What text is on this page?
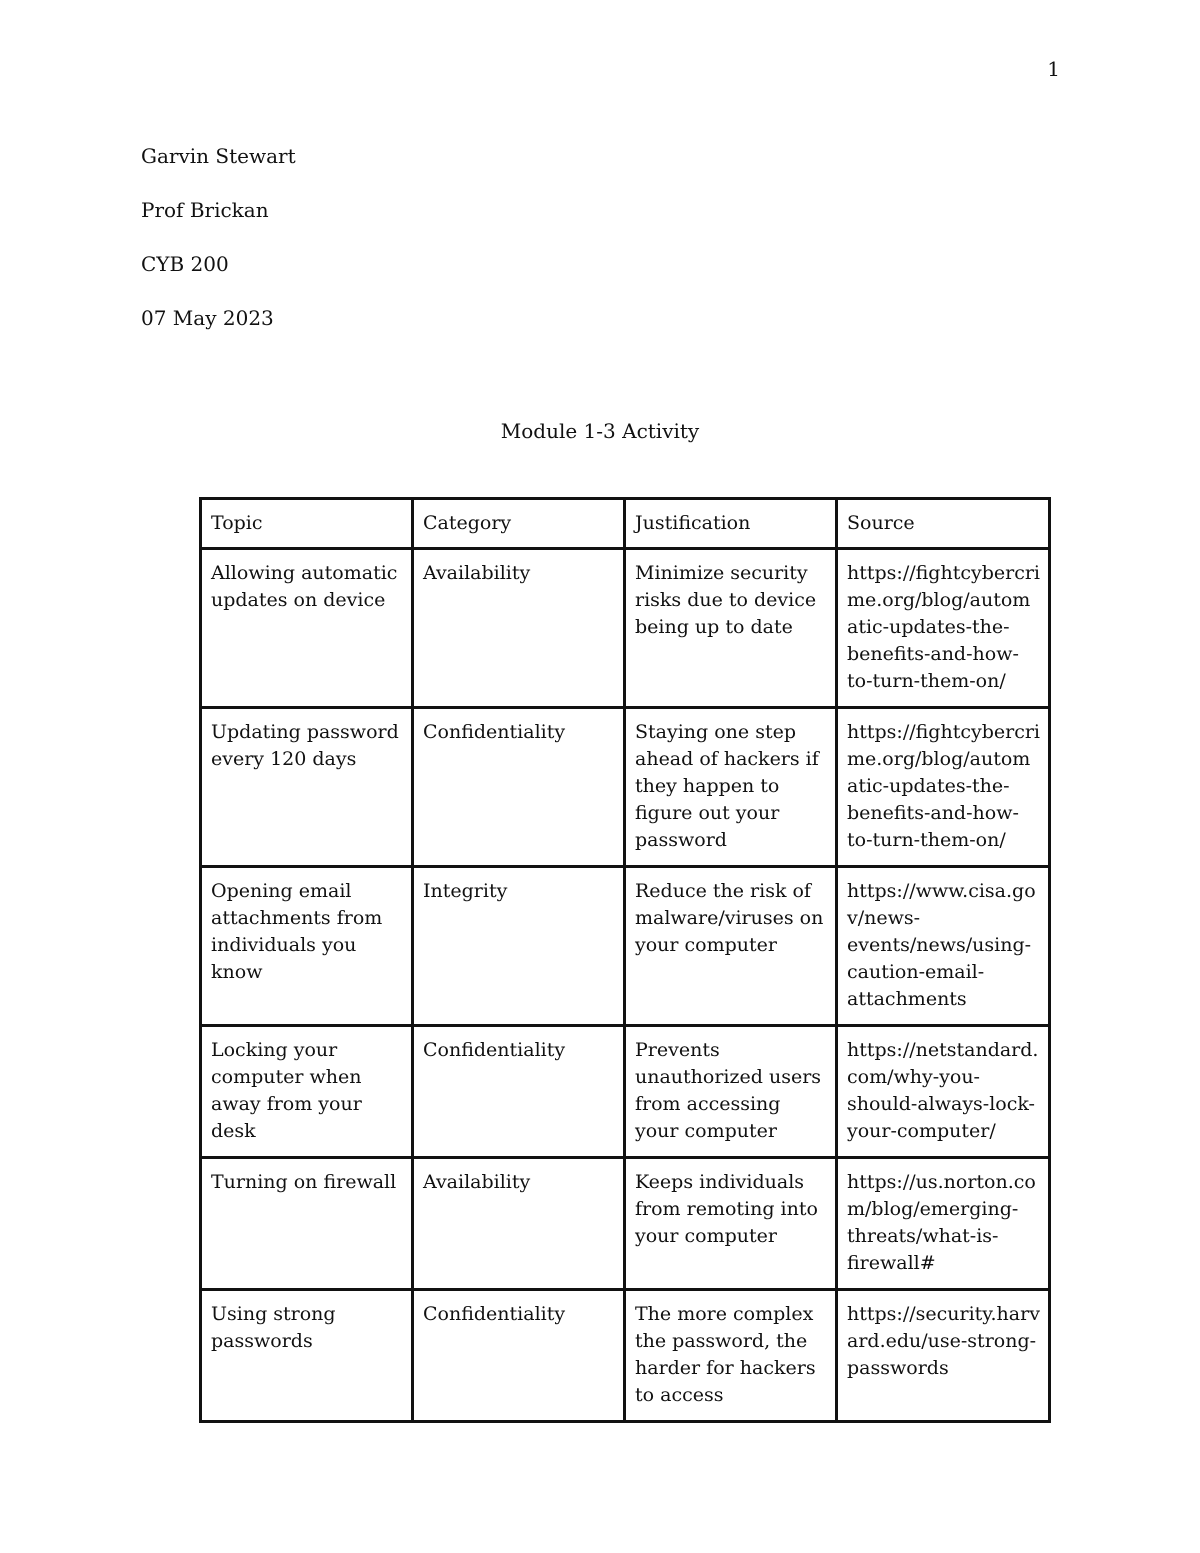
1
Garvin Stewart
Prof Brickan
CYB 200
07 May 2023
Module 1-3 Activity
Topic	Category	Justification	Source
Allowing automatic updates on device	Availability	Minimize security risks due to device being up to date	https://fightcybercrime.org/blog/automatic-updates-the-benefits-and-how-to-turn-them-on/
Updating password every 120 days	Confidentiality	Staying one step ahead of hackers if they happen to figure out your password	https://fightcybercrime.org/blog/automatic-updates-the-benefits-and-how-to-turn-them-on/
Opening email attachments from individuals you know	Integrity	Reduce the risk of malware/viruses on your computer	https://www.cisa.gov/news-events/news/using-caution-email-attachments
Locking your computer when away from your desk	Confidentiality	Prevents unauthorized users from accessing your computer	https://netstandard.com/why-you-should-always-lock-your-computer/
Turning on firewall	Availability	Keeps individuals from remoting into your computer	https://us.norton.com/blog/emerging-threats/what-is-firewall#
Using strong passwords	Confidentiality	The more complex the password, the harder for hackers to access	https://security.harvard.edu/use-strong-passwords
